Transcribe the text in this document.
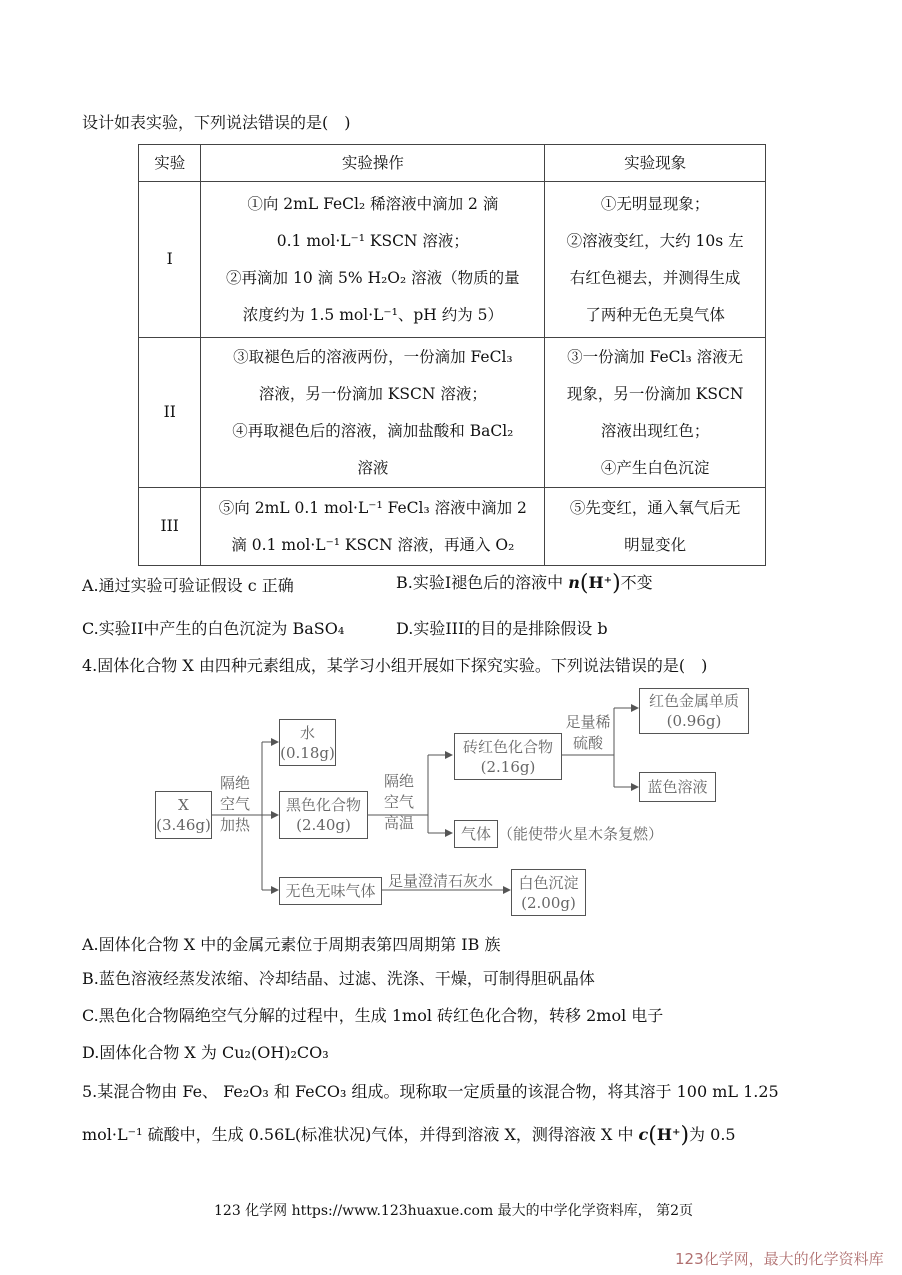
设计如表实验，下列说法错误的是(　)
实验	实验操作	实验现象
I	①向 2mL FeCl₂ 稀溶液中滴加 2 滴
0.1 mol·L⁻¹ KSCN 溶液；
②再滴加 10 滴 5% H₂O₂ 溶液（物质的量
浓度约为 1.5 mol·L⁻¹、pH 约为 5）	①无明显现象；
②溶液变红，大约 10s 左
右红色褪去，并测得生成
了两种无色无臭气体

II	③取褪色后的溶液两份，一份滴加 FeCl₃
溶液，另一份滴加 KSCN 溶液；
④再取褪色后的溶液，滴加盐酸和 BaCl₂
溶液	③一份滴加 FeCl₃ 溶液无
现象，另一份滴加 KSCN
溶液出现红色；
④产生白色沉淀

III	⑤向 2mL 0.1 mol·L⁻¹ FeCl₃ 溶液中滴加 2
滴 0.1 mol·L⁻¹ KSCN 溶液，再通入 O₂	⑤先变红，通入氧气后无
明显变化
A.通过实验可验证假设 c 正确	B.实验I褪色后的溶液中 n(H⁺)不变
C.实验II中产生的白色沉淀为 BaSO₄	D.实验III的目的是排除假设 b
4.固体化合物 X 由四种元素组成，某学习小组开展如下探究实验。下列说法错误的是(　)
X
(3.46g)
隔绝
空气
加热
水
(0.18g)
黑色化合物
(2.40g)
无色无味气体
隔绝
空气
高温
砖红色化合物
(2.16g)
气体 （能使带火星木条复燃）
足量稀
硫酸
红色金属单质
(0.96g)
蓝色溶液
足量澄清石灰水 白色沉淀
(2.00g)
A.固体化合物 X 中的金属元素位于周期表第四周期第 IB 族
B.蓝色溶液经蒸发浓缩、冷却结晶、过滤、洗涤、干燥，可制得胆矾晶体
C.黑色化合物隔绝空气分解的过程中，生成 1mol 砖红色化合物，转移 2mol 电子
D.固体化合物 X 为 Cu₂(OH)₂CO₃
5.某混合物由 Fe、 Fe₂O₃ 和 FeCO₃ 组成。现称取一定质量的该混合物，将其溶于 100 mL 1.25
mol·L⁻¹ 硫酸中，生成 0.56L(标准状况)气体，并得到溶液 X，测得溶液 X 中 c(H⁺)为 0.5
123 化学网 https://www.123huaxue.com 最大的中学化学资料库， 第2页
123化学网，最大的化学资料库
